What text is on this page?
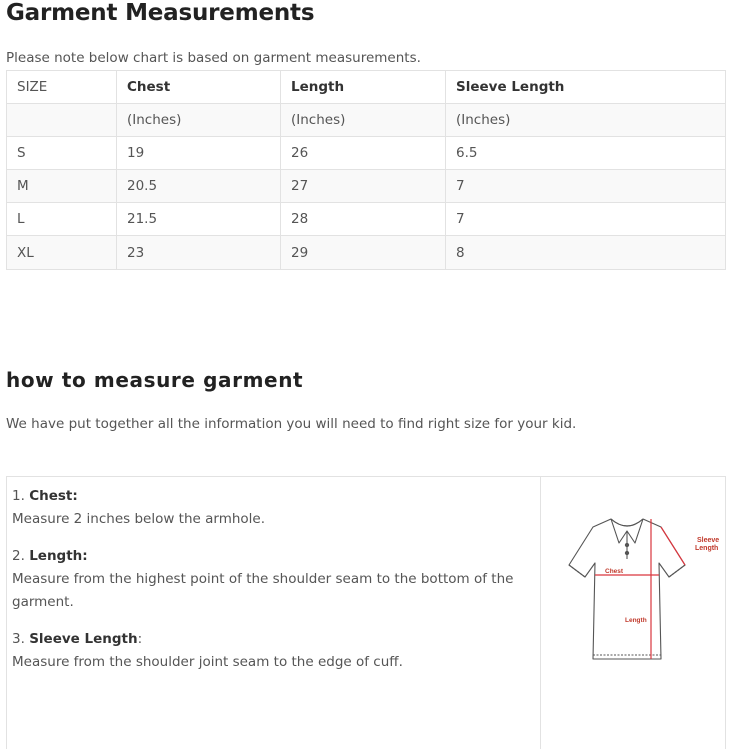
Garment Measurements
Please note below chart is based on garment measurements.
SIZE	Chest	Length	Sleeve Length
	(Inches)	(Inches)	(Inches)
S	19	26	6.5
M	20.5	27	7
L	21.5	28	7
XL	23	29	8
how to measure garment
We have put together all the information you will need to find right size for your kid.
1. Chest:
Measure 2 inches below the armhole.
2. Length:
Measure from the highest point of the shoulder seam to the bottom of the garment.
3. Sleeve Length:
Measure from the shoulder joint seam to the edge of cuff.
Chest
Length
Sleeve
Length
